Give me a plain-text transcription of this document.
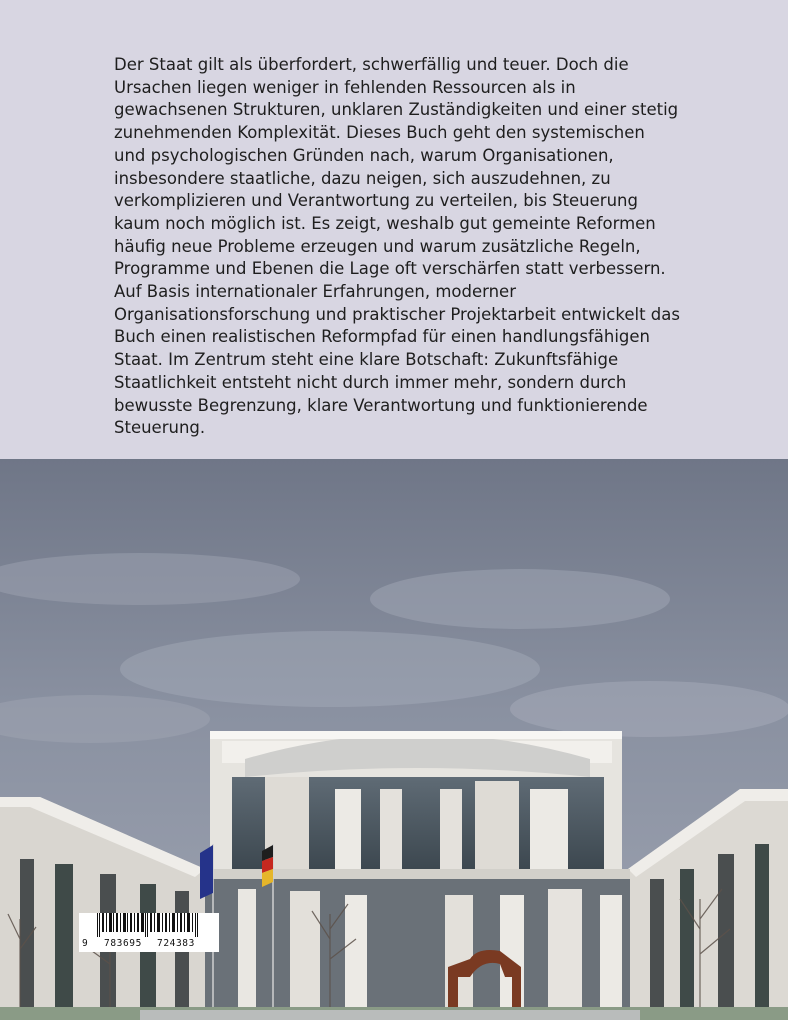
Der Staat gilt als überfordert, schwerfällig und teuer. Doch die Ursachen liegen weniger in fehlenden Ressourcen als in gewachsenen Strukturen, unklaren Zuständigkeiten und einer stetig zunehmenden Komplexität. Dieses Buch geht den systemischen und psychologischen Gründen nach, warum Organisationen, insbesondere staatliche, dazu neigen, sich auszudehnen, zu verkomplizieren und Verantwortung zu verteilen, bis Steuerung kaum noch möglich ist. Es zeigt, weshalb gut gemeinte Reformen häufig neue Probleme erzeugen und warum zusätzliche Regeln, Programme und Ebenen die Lage oft verschärfen statt verbessern. Auf Basis internationaler Erfahrungen, moderner Organisationsforschung und praktischer Projektarbeit entwickelt das Buch einen realistischen Reformpfad für einen handlungsfähigen Staat. Im Zentrum steht eine klare Botschaft: Zukunftsfähige Staatlichkeit entsteht nicht durch immer mehr, sondern durch bewusste Begrenzung, klare Verantwortung und funktionierende Steuerung.

9 783695 724383
